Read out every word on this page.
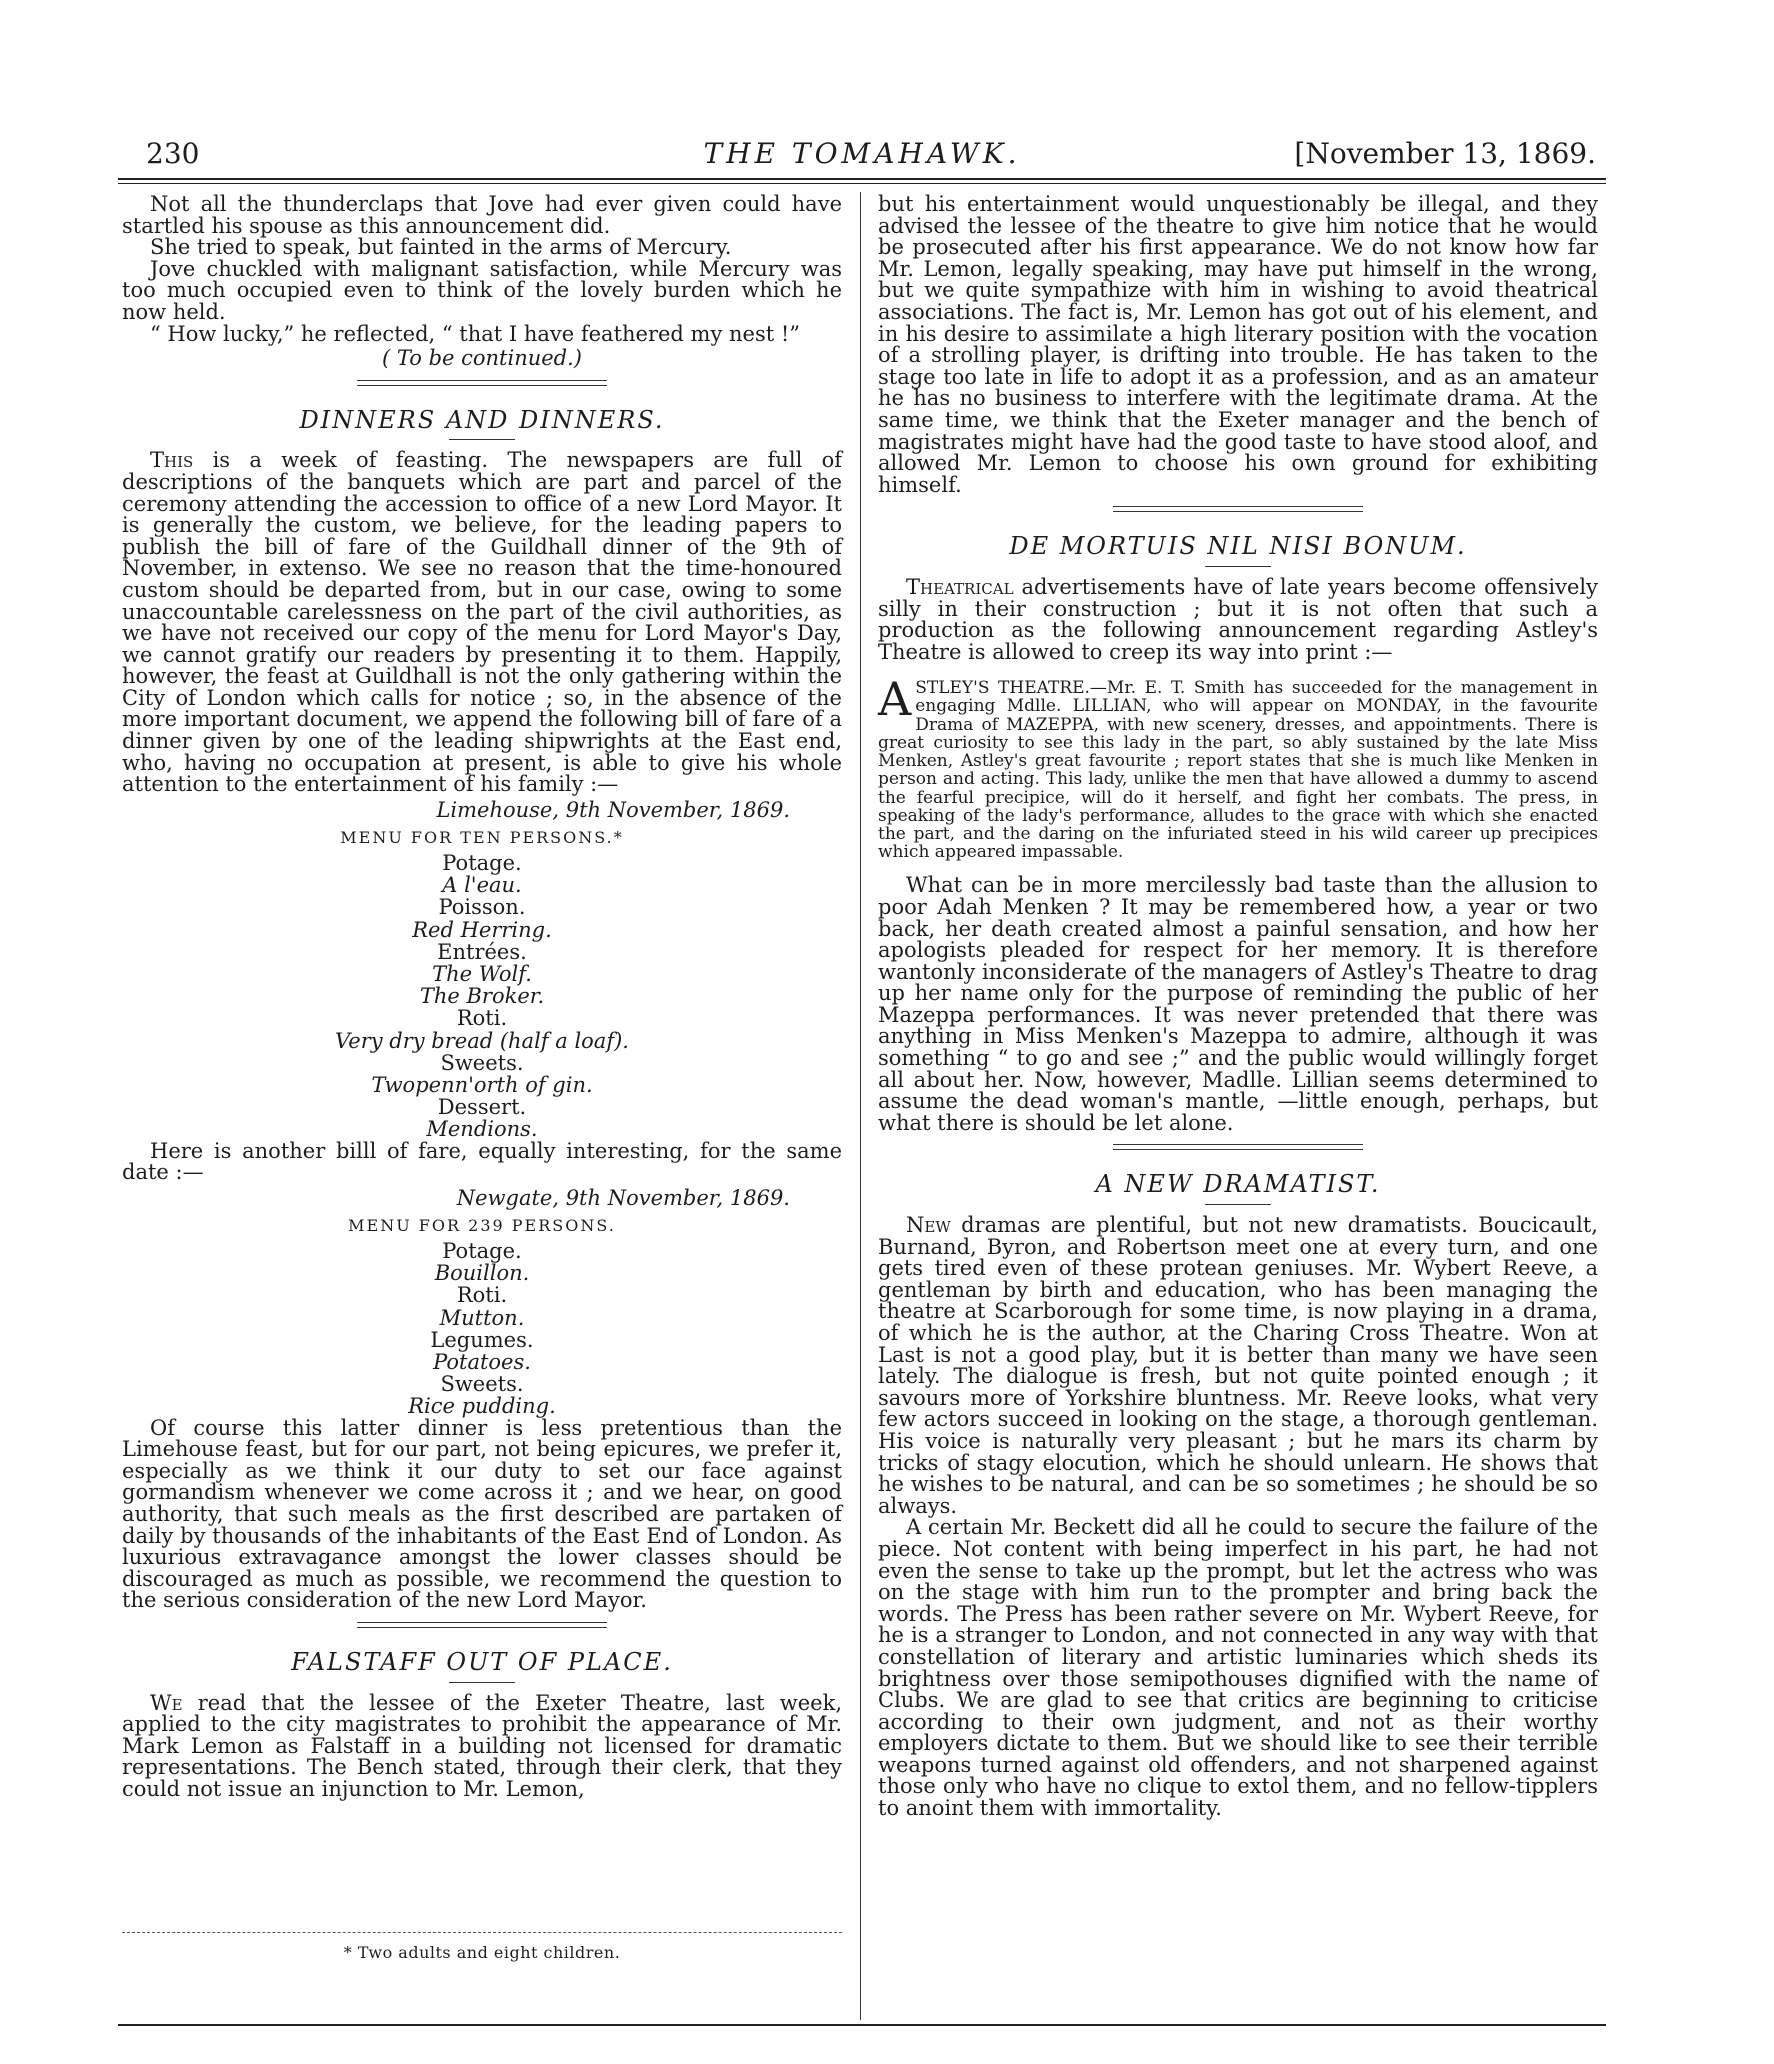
230	THE TOMAHAWK.	[November 13, 1869.

Not all the thunderclaps that Jove had ever given could have startled his spouse as this announcement did.

She tried to speak, but fainted in the arms of Mercury.

Jove chuckled with malignant satisfaction, while Mercury was too much occupied even to think of the lovely burden which he now held.

“ How lucky,” he reflected, “ that I have feathered my nest !”

( To be continued.)

DINNERS AND DINNERS.

This is a week of feasting. The newspapers are full of descriptions of the banquets which are part and parcel of the ceremony attending the accession to office of a new Lord Mayor. It is generally the custom, we believe, for the leading papers to publish the bill of fare of the Guildhall dinner of the 9th of November, in extenso. We see no reason that the time-honoured custom should be departed from, but in our case, owing to some unaccountable carelessness on the part of the civil authorities, as we have not received our copy of the menu for Lord Mayor's Day, we cannot gratify our readers by presenting it to them. Happily, however, the feast at Guildhall is not the only gathering within the City of London which calls for notice ; so, in the absence of the more important document, we append the following bill of fare of a dinner given by one of the leading shipwrights at the East end, who, having no occupation at present, is able to give his whole attention to the entertainment of his family :—

Limehouse, 9th November, 1869.
MENU FOR TEN PERSONS.*
Potage.
A l'eau.
Poisson.
Red Herring.
Entrées.
The Wolf.
The Broker.
Roti.
Very dry bread (half a loaf).
Sweets.
Twopenn'orth of gin.
Dessert.
Mendions.

Here is another billl of fare, equally interesting, for the same date :—

Newgate, 9th November, 1869.
MENU FOR 239 PERSONS.
Potage.
Bouillon.
Roti.
Mutton.
Legumes.
Potatoes.
Sweets.
Rice pudding.

Of course this latter dinner is less pretentious than the Limehouse feast, but for our part, not being epicures, we prefer it, especially as we think it our duty to set our face against gormandism whenever we come across it ; and we hear, on good authority, that such meals as the first described are partaken of daily by thousands of the inhabitants of the East End of London. As luxurious extravagance amongst the lower classes should be discouraged as much as possible, we recommend the question to the serious consideration of the new Lord Mayor.

FALSTAFF OUT OF PLACE.

We read that the lessee of the Exeter Theatre, last week, applied to the city magistrates to prohibit the appearance of Mr. Mark Lemon as Falstaff in a building not licensed for dramatic representations. The Bench stated, through their clerk, that they could not issue an injunction to Mr. Lemon,

* Two adults and eight children.

but his entertainment would unquestionably be illegal, and they advised the lessee of the theatre to give him notice that he would be prosecuted after his first appearance. We do not know how far Mr. Lemon, legally speaking, may have put himself in the wrong, but we quite sympathize with him in wishing to avoid theatrical associations. The fact is, Mr. Lemon has got out of his element, and in his desire to assimilate a high literary position with the vocation of a strolling player, is drifting into trouble. He has taken to the stage too late in life to adopt it as a profession, and as an amateur he has no business to interfere with the legitimate drama. At the same time, we think that the Exeter manager and the bench of magistrates might have had the good taste to have stood aloof, and allowed Mr. Lemon to choose his own ground for exhibiting himself.

DE MORTUIS NIL NISI BONUM.

Theatrical advertisements have of late years become offensively silly in their construction ; but it is not often that such a production as the following announcement regarding Astley's Theatre is allowed to creep its way into print :—

ASTLEY'S THEATRE.—Mr. E. T. Smith has succeeded for the management in engaging Mdlle. LILLIAN, who will appear on MONDAY, in the favourite Drama of MAZEPPA, with new scenery, dresses, and appointments. There is great curiosity to see this lady in the part, so ably sustained by the late Miss Menken, Astley's great favourite ; report states that she is much like Menken in person and acting. This lady, unlike the men that have allowed a dummy to ascend the fearful precipice, will do it herself, and fight her combats. The press, in speaking of the lady's performance, alludes to the grace with which she enacted the part, and the daring on the infuriated steed in his wild career up precipices which appeared impassable.

What can be in more mercilessly bad taste than the allusion to poor Adah Menken ? It may be remembered how, a year or two back, her death created almost a painful sensation, and how her apologists pleaded for respect for her memory. It is therefore wantonly inconsiderate of the managers of Astley's Theatre to drag up her name only for the purpose of reminding the public of her Mazeppa performances. It was never pretended that there was anything in Miss Menken's Mazeppa to admire, although it was something “ to go and see ;” and the public would willingly forget all about her. Now, however, Madlle. Lillian seems determined to assume the dead woman's mantle, —little enough, perhaps, but what there is should be let alone.

A NEW DRAMATIST.

New dramas are plentiful, but not new dramatists. Boucicault, Burnand, Byron, and Robertson meet one at every turn, and one gets tired even of these protean geniuses. Mr. Wybert Reeve, a gentleman by birth and education, who has been managing the theatre at Scarborough for some time, is now playing in a drama, of which he is the author, at the Charing Cross Theatre. Won at Last is not a good play, but it is better than many we have seen lately. The dialogue is fresh, but not quite pointed enough ; it savours more of Yorkshire bluntness. Mr. Reeve looks, what very few actors succeed in looking on the stage, a thorough gentleman. His voice is naturally very pleasant ; but he mars its charm by tricks of stagy elocution, which he should unlearn. He shows that he wishes to be natural, and can be so sometimes ; he should be so always.

A certain Mr. Beckett did all he could to secure the failure of the piece. Not content with being imperfect in his part, he had not even the sense to take up the prompt, but let the actress who was on the stage with him run to the prompter and bring back the words. The Press has been rather severe on Mr. Wybert Reeve, for he is a stranger to London, and not connected in any way with that constellation of literary and artistic luminaries which sheds its brightness over those semipothouses dignified with the name of Clubs. We are glad to see that critics are beginning to criticise according to their own judgment, and not as their worthy employers dictate to them. But we should like to see their terrible weapons turned against old offenders, and not sharpened against those only who have no clique to extol them, and no fellow-tipplers to anoint them with immortality.
